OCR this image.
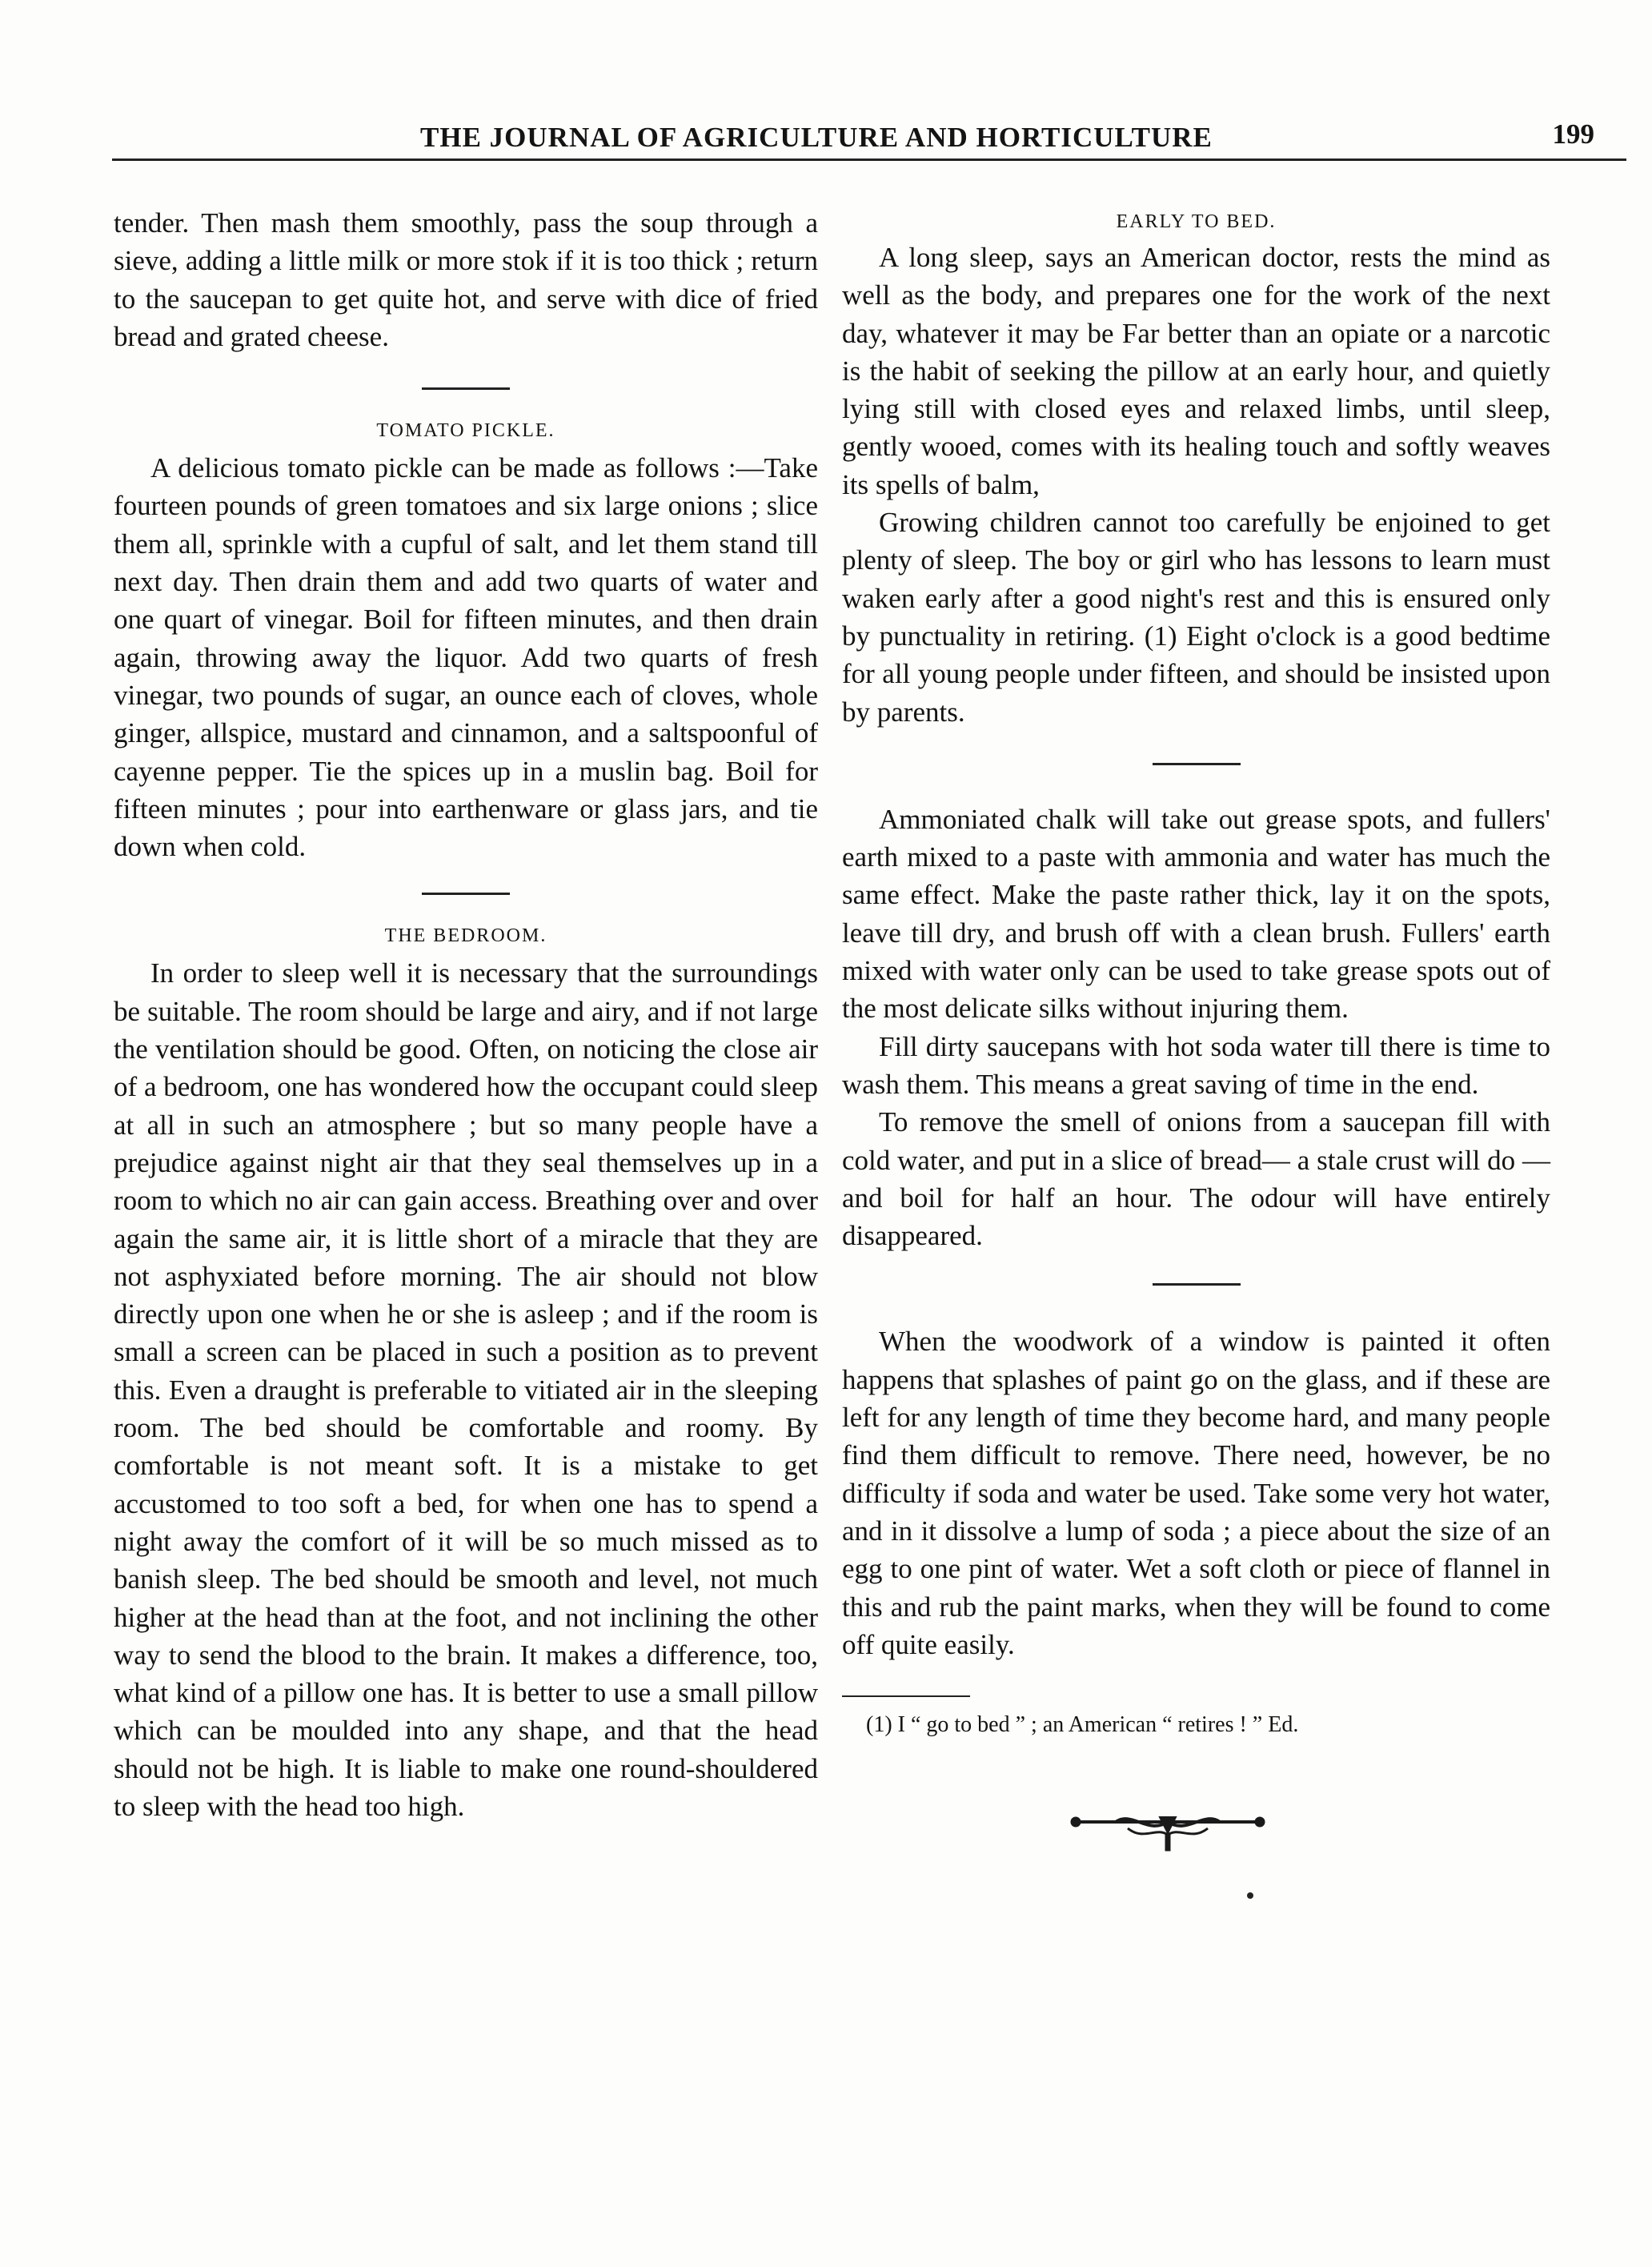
THE JOURNAL OF AGRICULTURE AND HORTICULTURE	199

tender. Then mash them smoothly, pass the soup through a sieve, adding a little milk or more stok if it is too thick ; return to the saucepan to get quite hot, and serve with dice of fried bread and grated cheese.

TOMATO PICKLE.

A delicious tomato pickle can be made as follows :—Take fourteen pounds of green tomatoes and six large onions ; slice them all, sprinkle with a cupful of salt, and let them stand till next day. Then drain them and add two quarts of water and one quart of vinegar. Boil for fifteen minutes, and then drain again, throwing away the liquor. Add two quarts of fresh vinegar, two pounds of sugar, an ounce each of cloves, whole ginger, allspice, mustard and cinnamon, and a saltspoonful of cayenne pepper. Tie the spices up in a muslin bag. Boil for fifteen minutes ; pour into earthenware or glass jars, and tie down when cold.

THE BEDROOM.

In order to sleep well it is necessary that the surroundings be suitable. The room should be large and airy, and if not large the ventilation should be good. Often, on noticing the close air of a bedroom, one has wondered how the occupant could sleep at all in such an atmosphere ; but so many people have a prejudice against night air that they seal themselves up in a room to which no air can gain access. Breathing over and over again the same air, it is little short of a miracle that they are not asphyxiated before morning. The air should not blow directly upon one when he or she is asleep ; and if the room is small a screen can be placed in such a position as to prevent this. Even a draught is preferable to vitiated air in the sleeping room. The bed should be comfortable and roomy. By comfortable is not meant soft. It is a mistake to get accustomed to too soft a bed, for when one has to spend a night away the comfort of it will be so much missed as to banish sleep. The bed should be smooth and level, not much higher at the head than at the foot, and not inclining the other way to send the blood to the brain. It makes a difference, too, what kind of a pillow one has. It is better to use a small pillow which can be moulded into any shape, and that the head should not be high. It is liable to make one round-shouldered to sleep with the head too high.

EARLY TO BED.

A long sleep, says an American doctor, rests the mind as well as the body, and prepares one for the work of the next day, whatever it may be Far better than an opiate or a narcotic is the habit of seeking the pillow at an early hour, and quietly lying still with closed eyes and relaxed limbs, until sleep, gently wooed, comes with its healing touch and softly weaves its spells of balm,

Growing children cannot too carefully be enjoined to get plenty of sleep. The boy or girl who has lessons to learn must waken early after a good night's rest and this is ensured only by punctuality in retiring. (1) Eight o'clock is a good bedtime for all young people under fifteen, and should be insisted upon by parents.

Ammoniated chalk will take out grease spots, and fullers' earth mixed to a paste with ammonia and water has much the same effect. Make the paste rather thick, lay it on the spots, leave till dry, and brush off with a clean brush. Fullers' earth mixed with water only can be used to take grease spots out of the most delicate silks without injuring them.

Fill dirty saucepans with hot soda water till there is time to wash them. This means a great saving of time in the end.

To remove the smell of onions from a saucepan fill with cold water, and put in a slice of bread— a stale crust will do — and boil for half an hour. The odour will have entirely disappeared.

When the woodwork of a window is painted it often happens that splashes of paint go on the glass, and if these are left for any length of time they become hard, and many people find them difficult to remove. There need, however, be no difficulty if soda and water be used. Take some very hot water, and in it dissolve a lump of soda ; a piece about the size of an egg to one pint of water. Wet a soft cloth or piece of flannel in this and rub the paint marks, when they will be found to come off quite easily.

(1) I “ go to bed ” ; an American “ retires ! ” Ed.
